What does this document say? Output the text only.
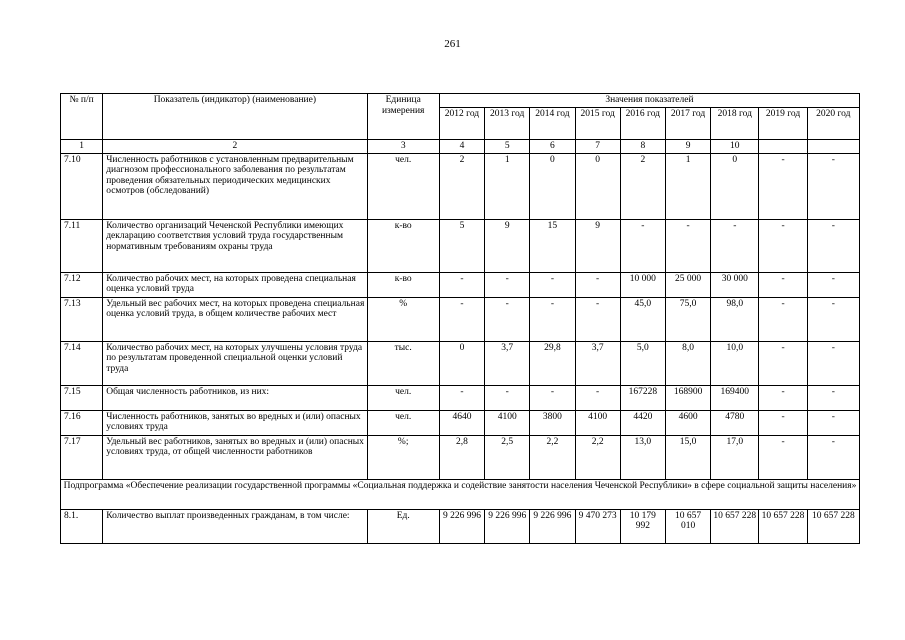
261
№ п/п	Показатель (индикатор) (наименование)	Единица измерения	Значения показателей								
			2012 год	2013 год	2014 год	2015 год	2016 год	2017 год	2018 год	2019 год	2020 год
1	2	3	4	5	6	7	8	9	10		
7.10	Численность работников с установленным предварительным диагнозом профессионального заболевания по результатам проведения обязательных периодических медицинских осмотров (обследований)	чел.	2	1	0	0	2	1	0	-	-
7.11	Количество организаций Чеченской Республики имеющих декларацию соответствия условий труда государственным нормативным требованиям охраны труда	к-во	5	9	15	9	-	-	-	-	-
7.12	Количество рабочих мест, на которых проведена специальная оценка условий труда	к-во	-	-	-	-	10 000	25 000	30 000	-	-
7.13	Удельный вес рабочих мест, на которых проведена специальная оценка условий труда, в общем количестве рабочих мест	%	-	-	-	-	45,0	75,0	98,0	-	-
7.14	Количество рабочих мест, на которых улучшены условия труда по результатам проведенной специальной оценки условий труда	тыс.	0	3,7	29,8	3,7	5,0	8,0	10,0	-	-
7.15	Общая численность работников, из них:	чел.	-	-	-	-	167228	168900	169400	-	-
7.16	Численность работников, занятых во вредных и (или) опасных условиях труда	чел.	4640	4100	3800	4100	4420	4600	4780	-	-
7.17	Удельный вес работников, занятых во вредных и (или) опасных условиях труда, от общей численности работников	%;	2,8	2,5	2,2	2,2	13,0	15,0	17,0	-	-
Подпрограмма «Обеспечение реализации государственной программы «Социальная поддержка и содействие занятости населения Чеченской Республики» в сфере социальной защиты населения»											
8.1.	Количество выплат произведенных гражданам, в том числе:	Ед.	9 226 996	9 226 996	9 226 996	9 470 273	10 179 992	10 657 010	10 657 228	10 657 228	10 657 228
